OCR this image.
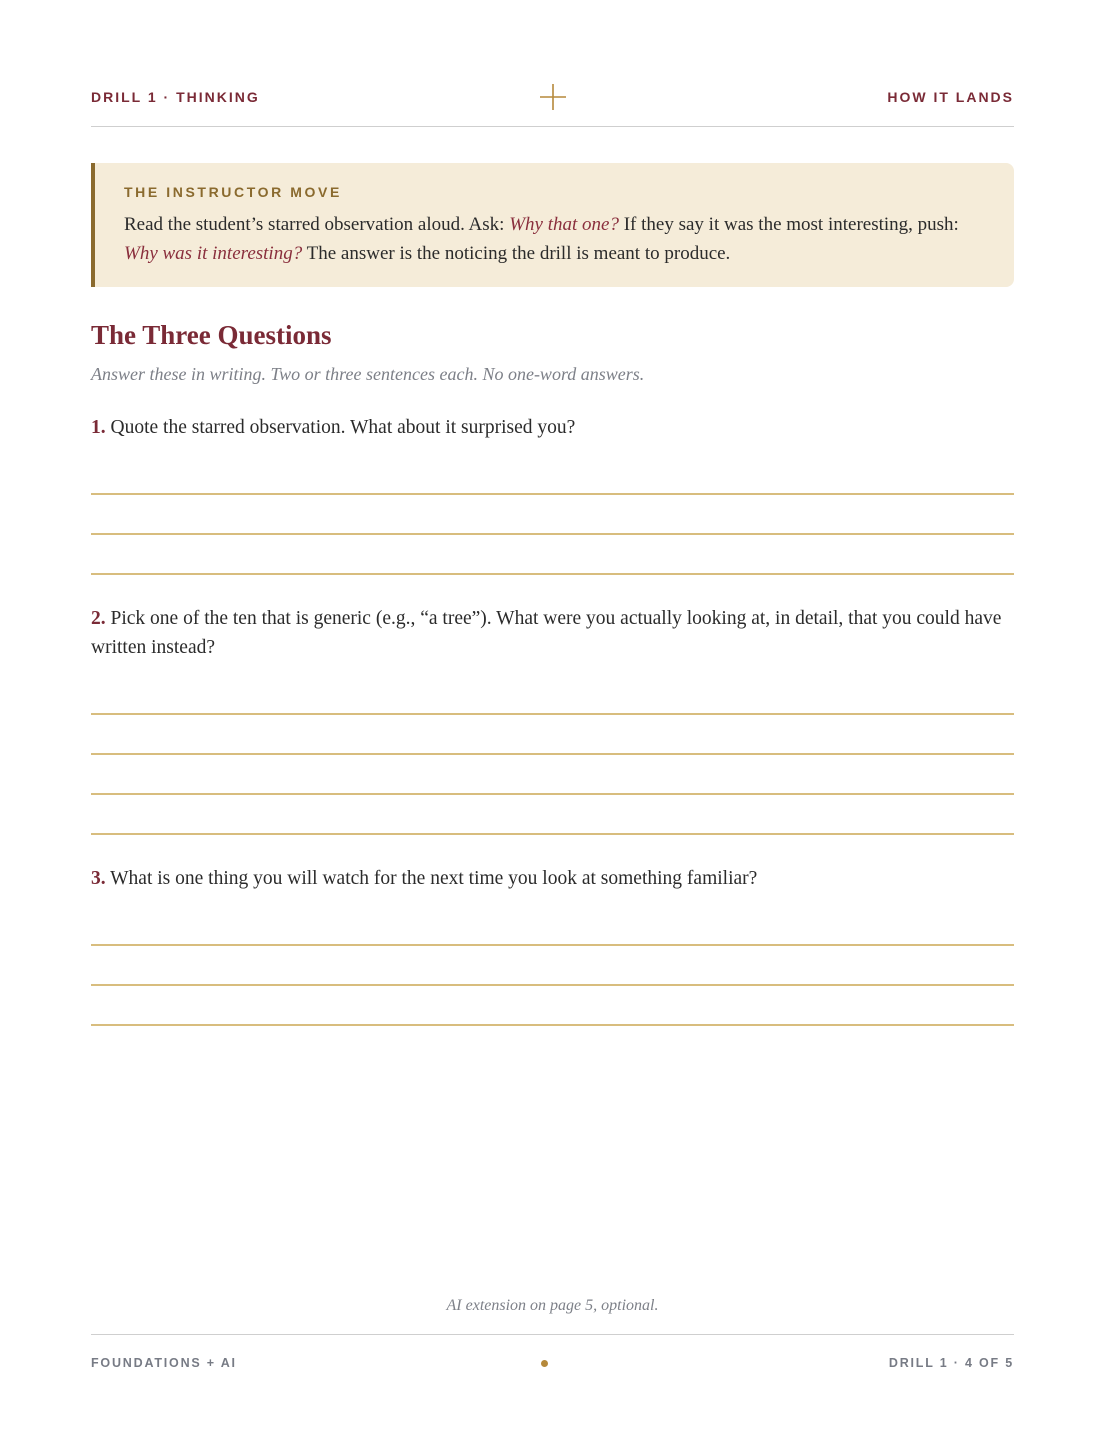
DRILL 1 · THINKING	HOW IT LANDS

THE INSTRUCTOR MOVE

Read the student’s starred observation aloud. Ask: Why that one? If they say it was the most interesting, push: Why was it interesting? The answer is the noticing the drill is meant to produce.

The Three Questions

Answer these in writing. Two or three sentences each. No one-word answers.

1. Quote the starred observation. What about it surprised you?

2. Pick one of the ten that is generic (e.g., “a tree”). What were you actually looking at, in detail, that you could have written instead?

3. What is one thing you will watch for the next time you look at something familiar?

AI extension on page 5, optional.

FOUNDATIONS + AI	DRILL 1 · 4 OF 5
